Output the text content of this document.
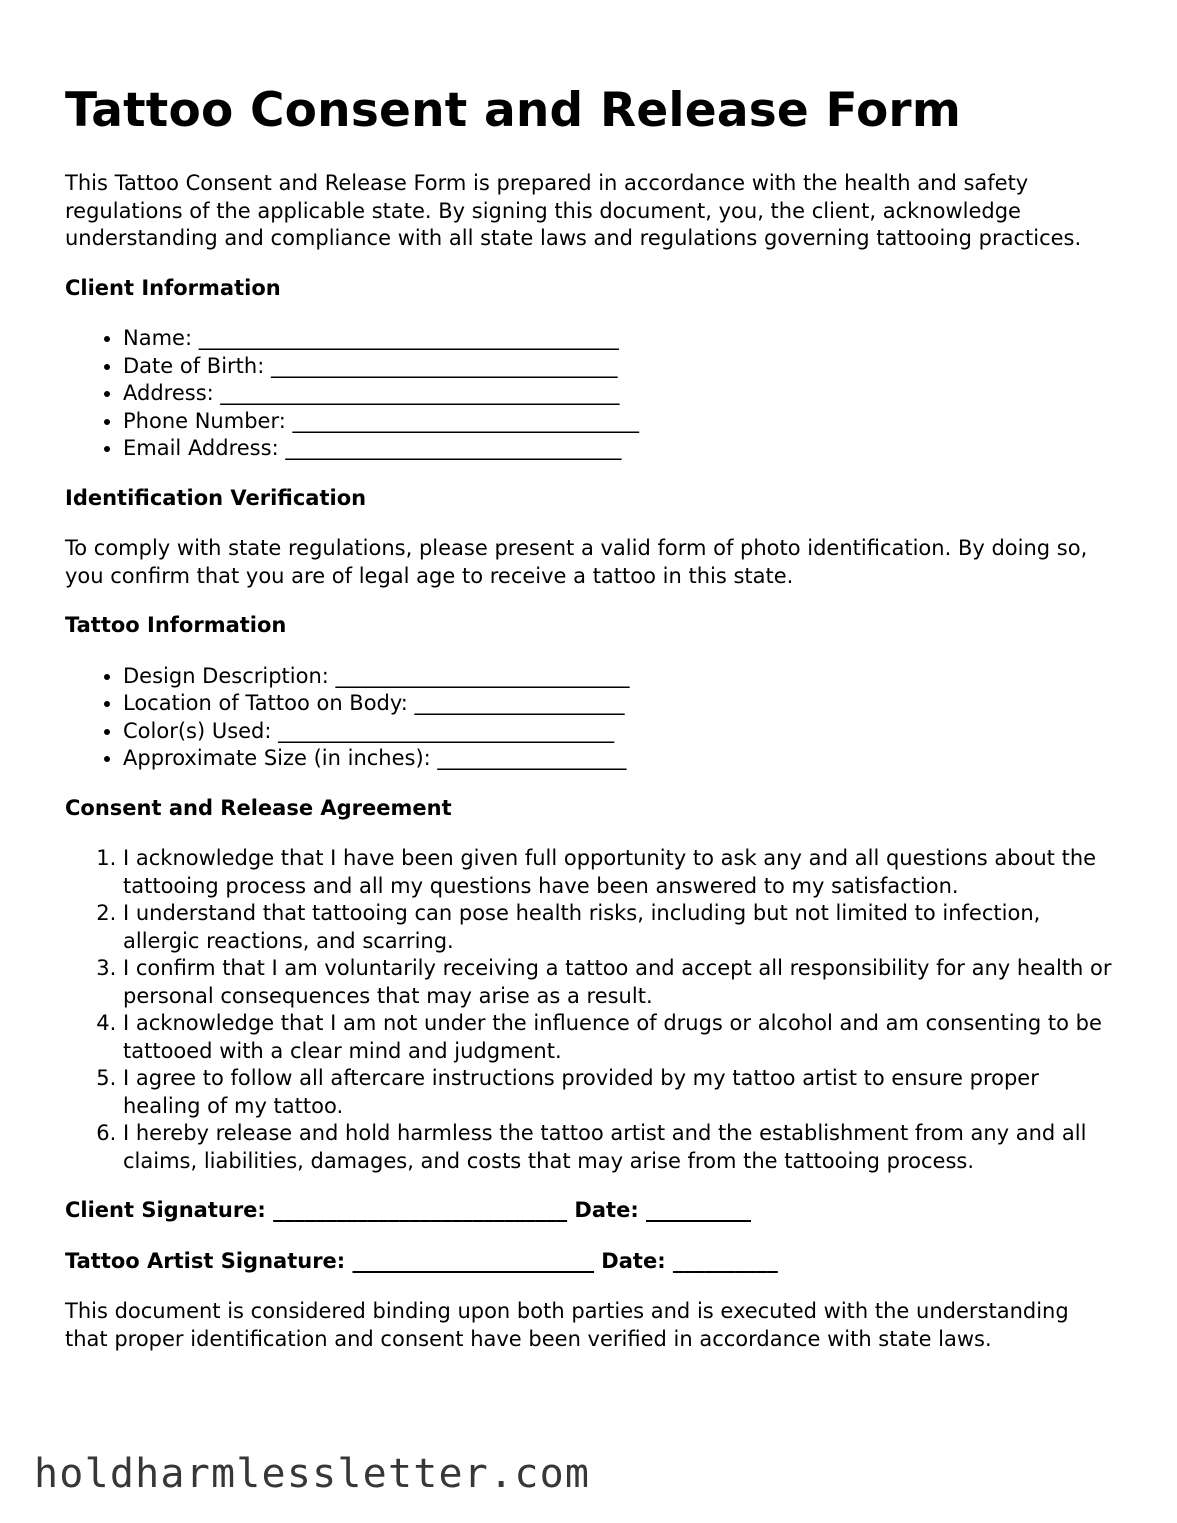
Tattoo Consent and Release Form

This Tattoo Consent and Release Form is prepared in accordance with the health and safety regulations of the applicable state. By signing this document, you, the client, acknowledge understanding and compliance with all state laws and regulations governing tattooing practices.

Client Information
• Name: ________________________________________
• Date of Birth: _________________________________
• Address: ______________________________________
• Phone Number: _________________________________
• Email Address: ________________________________
Identification Verification

To comply with state regulations, please present a valid form of photo identification. By doing so, you confirm that you are of legal age to receive a tattoo in this state.

Tattoo Information
• Design Description: ____________________________
• Location of Tattoo on Body: ____________________
• Color(s) Used: ________________________________
• Approximate Size (in inches): __________________
Consent and Release Agreement
1. I acknowledge that I have been given full opportunity to ask any and all questions about the tattooing process and all my questions have been answered to my satisfaction.
2. I understand that tattooing can pose health risks, including but not limited to infection, allergic reactions, and scarring.
3. I confirm that I am voluntarily receiving a tattoo and accept all responsibility for any health or personal consequences that may arise as a result.
4. I acknowledge that I am not under the influence of drugs or alcohol and am consenting to be tattooed with a clear mind and judgment.
5. I agree to follow all aftercare instructions provided by my tattoo artist to ensure proper healing of my tattoo.
6. I hereby release and hold harmless the tattoo artist and the establishment from any and all claims, liabilities, damages, and costs that may arise from the tattooing process.
Client Signature: ____________________________ Date: __________
Tattoo Artist Signature: _______________________ Date: __________

This document is considered binding upon both parties and is executed with the understanding that proper identification and consent have been verified in accordance with state laws.

holdharmlessletter.com
